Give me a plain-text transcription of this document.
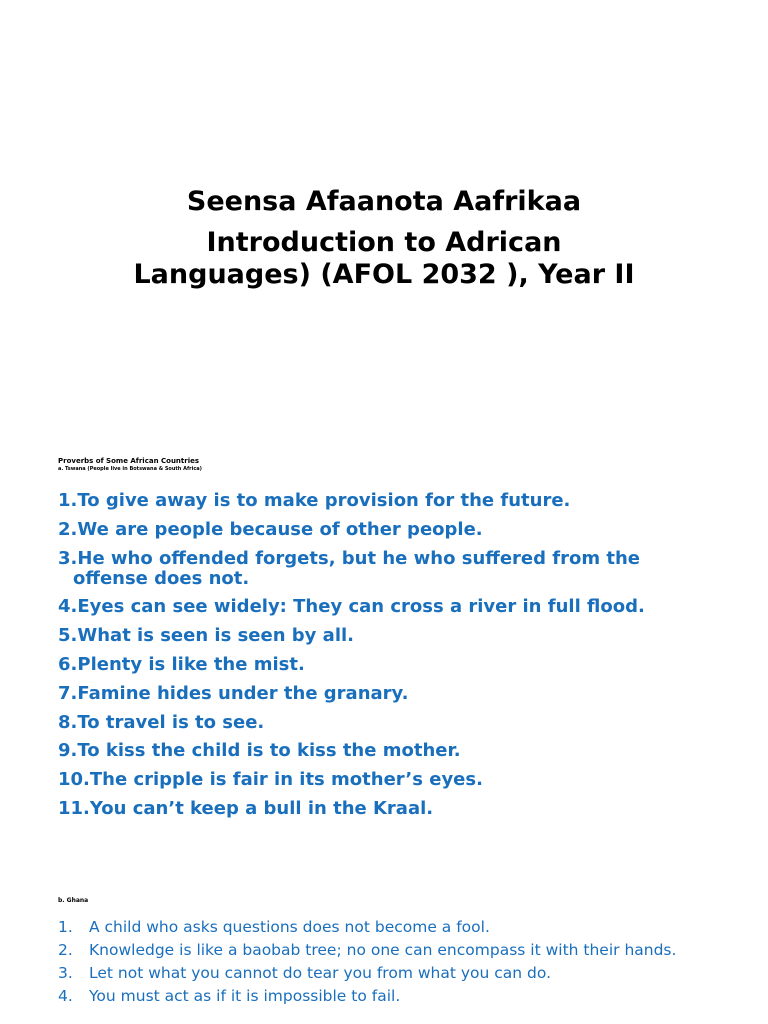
Seensa Afaanota Aafrikaa
Introduction to Adrican
Languages) (AFOL 2032 ), Year II
Proverbs of Some African Countries
a. Tswana (People live in Botswana & South Africa)
1. To give away is to make provision for the future.
2. We are people because of other people.
3.He who offended forgets, but he who suffered from the offense does not.
4. Eyes can see widely: They can cross a river in full flood.
5. What is seen is seen by all.
6. Plenty is like the mist.
7. Famine hides under the granary.
8. To travel is to see.
9. To kiss the child is to kiss the mother.
10. The cripple is fair in its mother’s eyes.
11. You can’t keep a bull in the Kraal.
b. Ghana
1.	A child who asks questions does not become a fool.
2.	Knowledge is like a baobab tree; no one can encompass it with their hands.
3.	Let not what you cannot do tear you from what you can do.
4.	You must act as if it is impossible to fail.
